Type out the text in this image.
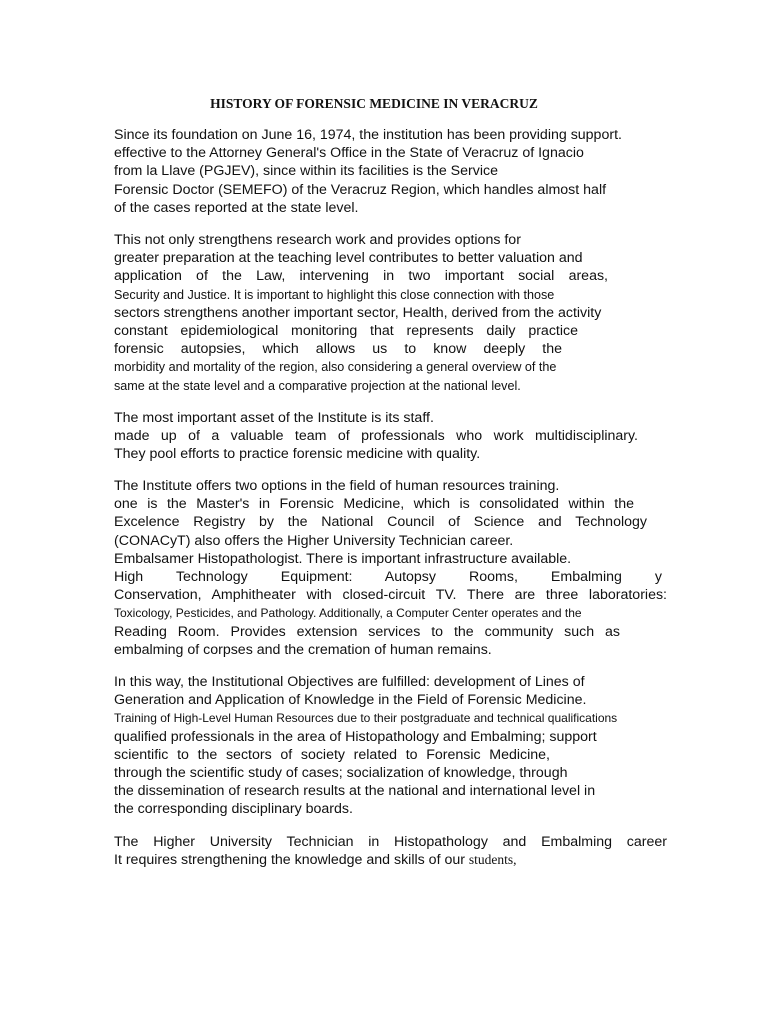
HISTORY OF FORENSIC MEDICINE IN VERACRUZ
Since its foundation on June 16, 1974, the institution has been providing support.
effective to the Attorney General's Office in the State of Veracruz of Ignacio
from la Llave (PGJEV), since within its facilities is the Service
Forensic Doctor (SEMEFO) of the Veracruz Region, which handles almost half
of the cases reported at the state level.
This not only strengthens research work and provides options for
greater preparation at the teaching level contributes to better valuation and
application of the Law, intervening in two important social areas,
Security and Justice. It is important to highlight this close connection with those
sectors strengthens another important sector, Health, derived from the activity
constant epidemiological monitoring that represents daily practice
forensic autopsies, which allows us to know deeply the
morbidity and mortality of the region, also considering a general overview of the
same at the state level and a comparative projection at the national level.
The most important asset of the Institute is its staff.
made up of a valuable team of professionals who work multidisciplinary.
They pool efforts to practice forensic medicine with quality.
The Institute offers two options in the field of human resources training.
one is the Master's in Forensic Medicine, which is consolidated within the
Excelence Registry by the National Council of Science and Technology
(CONACyT) also offers the Higher University Technician career.
Embalsamer Histopathologist. There is important infrastructure available.
High Technology Equipment: Autopsy Rooms, Embalming y
Conservation, Amphitheater with closed-circuit TV. There are three laboratories:
Toxicology, Pesticides, and Pathology. Additionally, a Computer Center operates and the
Reading Room. Provides extension services to the community such as
embalming of corpses and the cremation of human remains.
In this way, the Institutional Objectives are fulfilled: development of Lines of
Generation and Application of Knowledge in the Field of Forensic Medicine.
Training of High-Level Human Resources due to their postgraduate and technical qualifications
qualified professionals in the area of Histopathology and Embalming; support
scientific to the sectors of society related to Forensic Medicine,
through the scientific study of cases; socialization of knowledge, through
the dissemination of research results at the national and international level in
the corresponding disciplinary boards.
The Higher University Technician in Histopathology and Embalming career
It requires strengthening the knowledge and skills of our students,
